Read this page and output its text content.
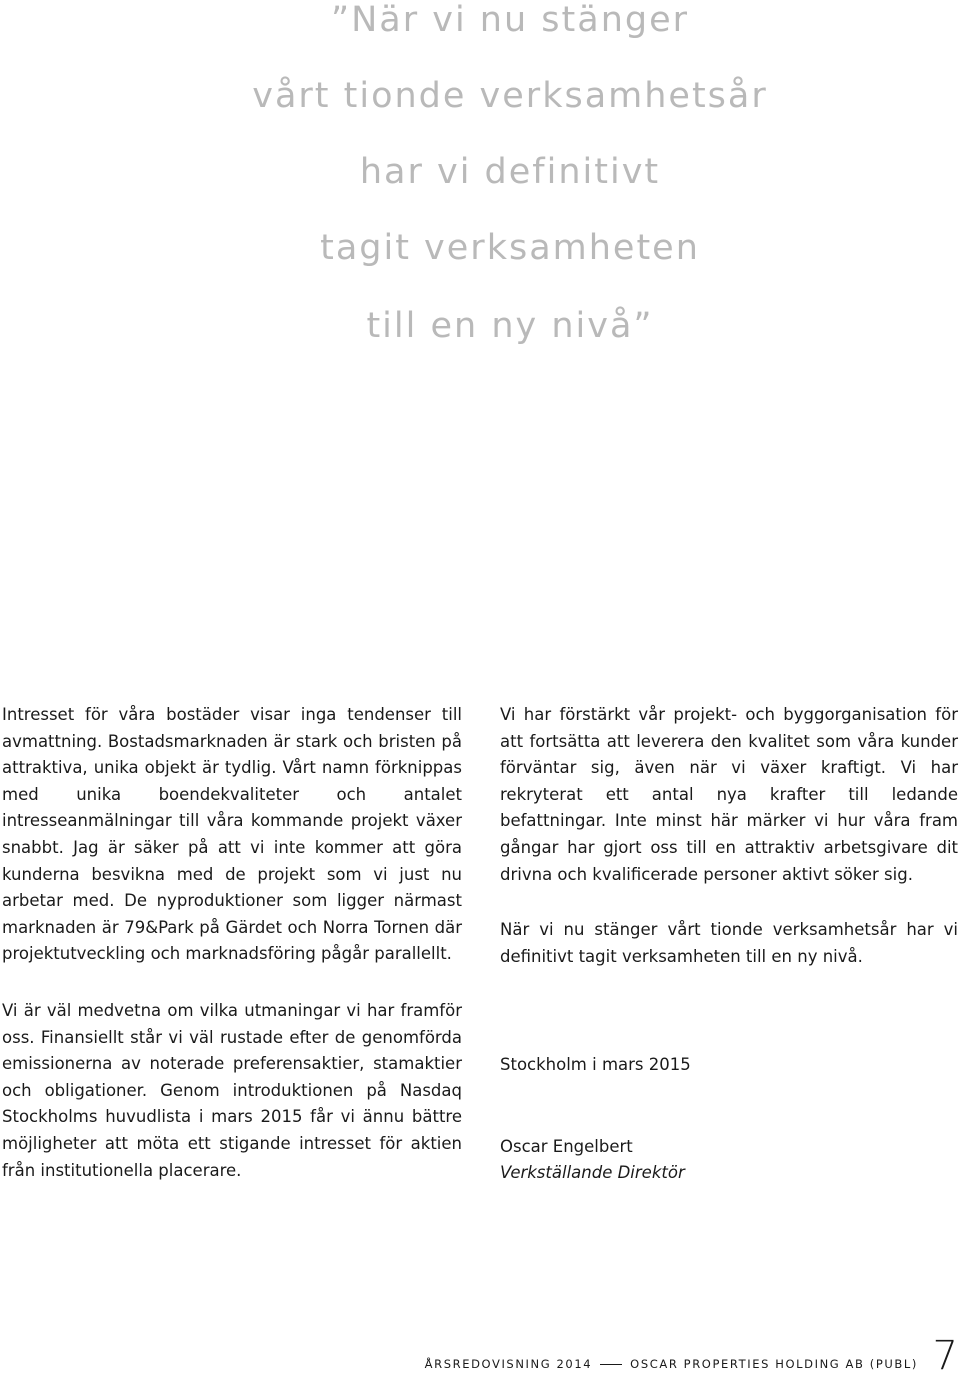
”När vi nu stänger
vårt tionde verksamhetsår
har vi definitivt
tagit verksamheten
till en ny nivå”

Intresset för våra bostäder visar inga tendenser till avmattning. Bostadsmarknaden är stark och bristen på attraktiva, unika objekt är tydlig. Vårt namn förknippas med unika boendekvaliteter och antalet intresseanmälningar till våra kommande projekt växer snabbt. Jag är säker på att vi inte kommer att göra kunderna besvikna med de projekt som vi just nu arbetar med. De nyproduktioner som ligger närmast marknaden är 79&Park på Gärdet och Norra Tornen där projektutveckling och marknadsföring pågår parallellt.

Vi är väl medvetna om vilka utmaningar vi har framför oss. Finansiellt står vi väl rustade efter de genomförda emissionerna av noterade preferensaktier, stamaktier och obligationer. Genom introduktionen på Nasdaq Stockholms huvudlista i mars 2015 får vi ännu bättre möjligheter att möta ett stigande intresset för aktien från institutionella placerare.

Vi har förstärkt vår projekt- och byggorganisation för att fortsätta att leverera den kvalitet som våra kunder förväntar sig, även när vi växer kraftigt. Vi har rekryterat ett antal nya krafter till ledande befattningar. Inte minst här märker vi hur våra fram gångar har gjort oss till en attraktiv arbetsgivare dit drivna och kvalificerade personer aktivt söker sig.

När vi nu stänger vårt tionde verksamhetsår har vi definitivt tagit verksamheten till en ny nivå.

Stockholm i mars 2015
Oscar Engelbert
Verkställande Direktör
ÅRSREDOVISNING 2014	OSCAR PROPERTIES HOLDING AB (PUBL) 7
